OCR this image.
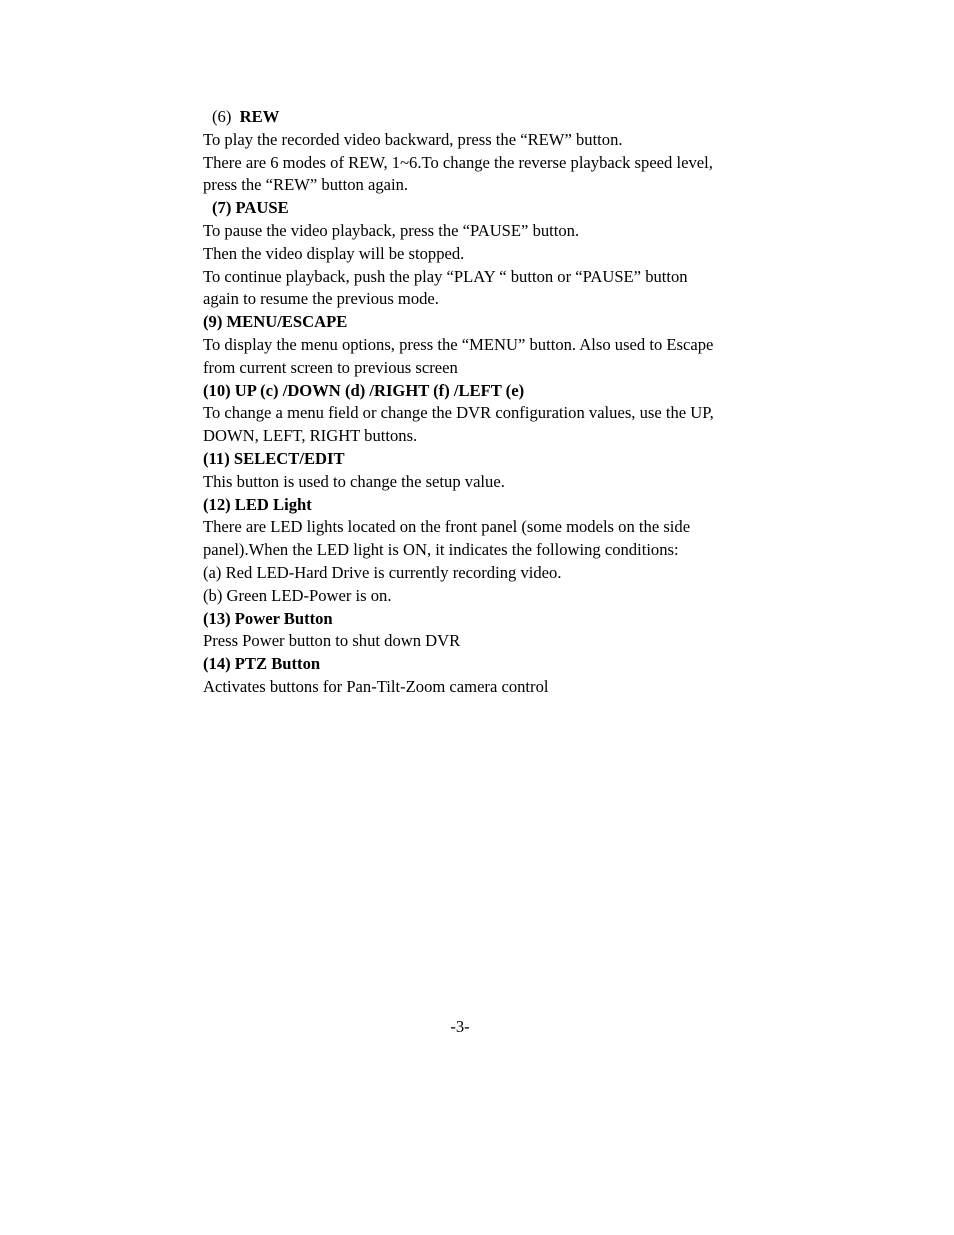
(6) REW
To play the recorded video backward, press the “REW” button.
There are 6 modes of REW, 1~6.To change the reverse playback speed level,
press the “REW” button again.
(7) PAUSE
To pause the video playback, press the “PAUSE” button.
Then the video display will be stopped.
To continue playback, push the play “PLAY “ button or “PAUSE” button
again to resume the previous mode.
(9) MENU/ESCAPE
To display the menu options, press the “MENU” button. Also used to Escape
from current screen to previous screen
(10) UP (c) /DOWN (d) /RIGHT (f) /LEFT (e)
To change a menu field or change the DVR configuration values, use the UP,
DOWN, LEFT, RIGHT buttons.
(11) SELECT/EDIT
This button is used to change the setup value.
(12) LED Light
There are LED lights located on the front panel (some models on the side
panel).When the LED light is ON, it indicates the following conditions:
(a) Red LED-Hard Drive is currently recording video.
(b) Green LED-Power is on.
(13) Power Button
Press Power button to shut down DVR
(14) PTZ Button
Activates buttons for Pan-Tilt-Zoom camera control
-3-
